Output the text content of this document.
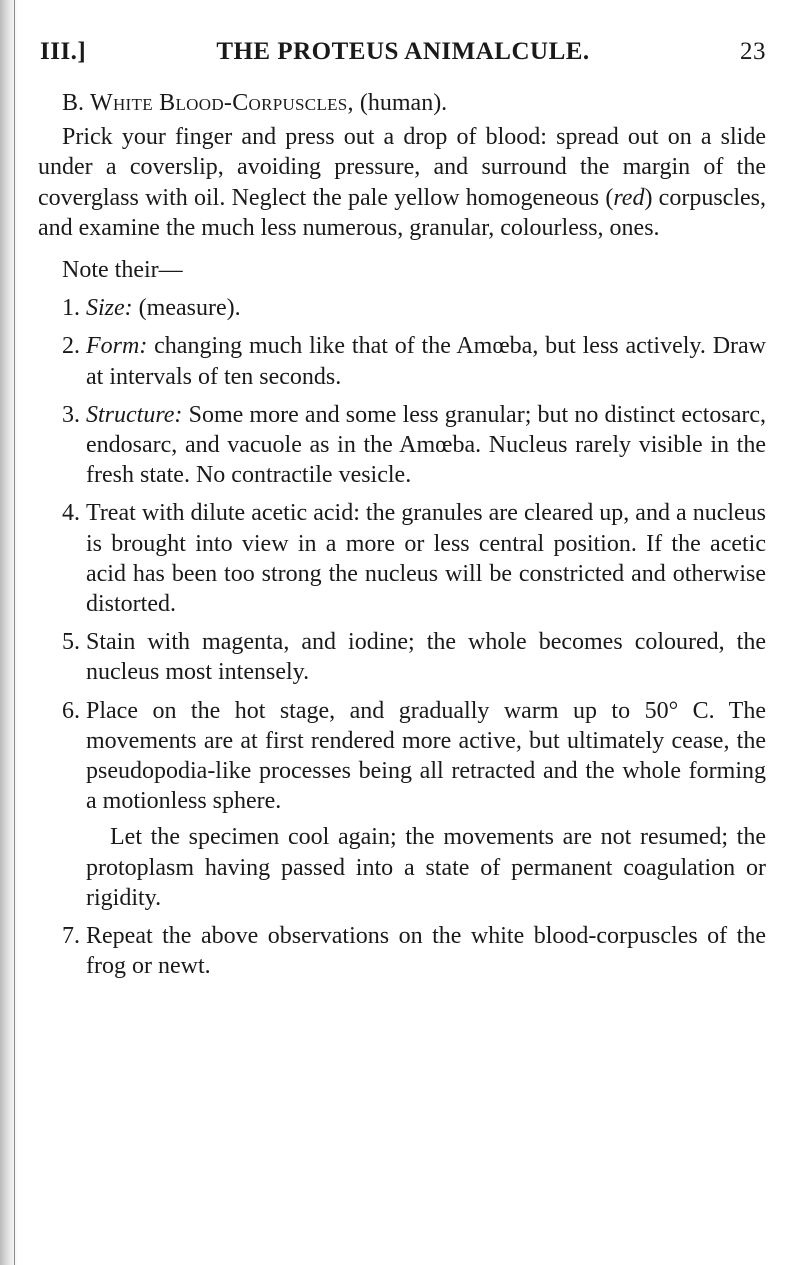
III.]	THE PROTEUS ANIMALCULE.	23

B. White Blood-Corpuscles, (human).

Prick your finger and press out a drop of blood: spread out on a slide under a coverslip, avoiding pressure, and surround the margin of the coverglass with oil. Neglect the pale yellow homogeneous (red) corpuscles, and examine the much less numerous, granular, colourless, ones.

Note their—

1. Size: (measure).
2. Form: changing much like that of the Amœba, but less actively. Draw at intervals of ten seconds.
3. Structure: Some more and some less granular; but no distinct ectosarc, endosarc, and vacuole as in the Amœba. Nucleus rarely visible in the fresh state. No contractile vesicle.
4. Treat with dilute acetic acid: the granules are cleared up, and a nucleus is brought into view in a more or less central position. If the acetic acid has been too strong the nucleus will be constricted and otherwise distorted.
5. Stain with magenta, and iodine; the whole becomes coloured, the nucleus most intensely.
6. Place on the hot stage, and gradually warm up to 50° C. The movements are at first rendered more active, but ultimately cease, the pseudopodia-like processes being all retracted and the whole forming a motionless sphere.
Let the specimen cool again; the movements are not resumed; the protoplasm having passed into a state of permanent coagulation or rigidity.
7. Repeat the above observations on the white blood-corpuscles of the frog or newt.
